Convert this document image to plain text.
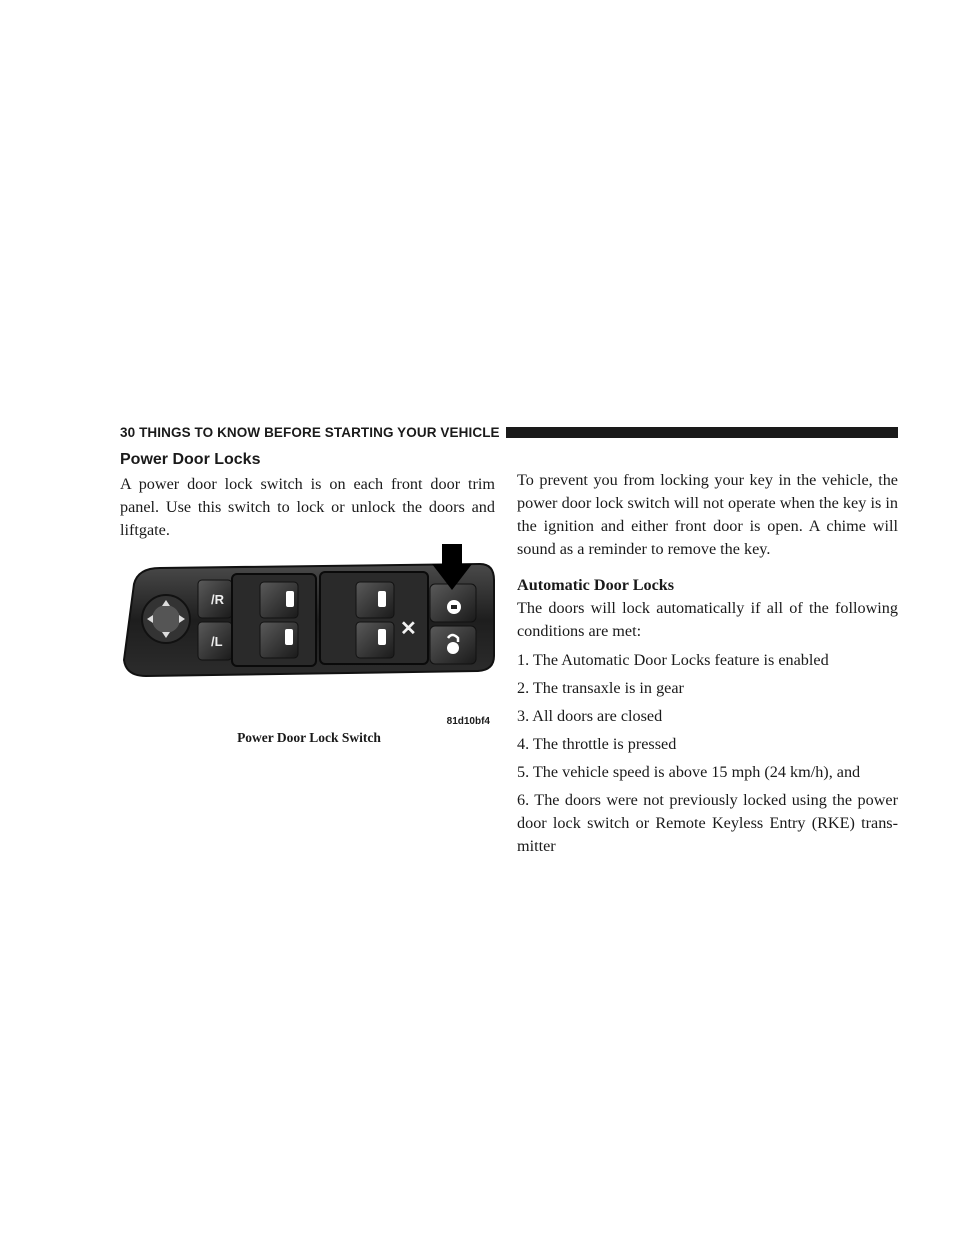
30 THINGS TO KNOW BEFORE STARTING YOUR VEHICLE
Power Door Locks

A power door lock switch is on each front door trim panel. Use this switch to lock or unlock the doors and liftgate.

/R
/L
✕
81d10bf4
Power Door Lock Switch

To prevent you from locking your key in the vehicle, the power door lock switch will not operate when the key is in the ignition and either front door is open. A chime will sound as a reminder to remove the key.

Automatic Door Locks

The doors will lock automatically if all of the following conditions are met:

1. The Automatic Door Locks feature is enabled
2. The transaxle is in gear
3. All doors are closed
4. The throttle is pressed
5. The vehicle speed is above 15 mph (24 km/h), and
6. The doors were not previously locked using the power door lock switch or Remote Keyless Entry (RKE) trans-mitter
